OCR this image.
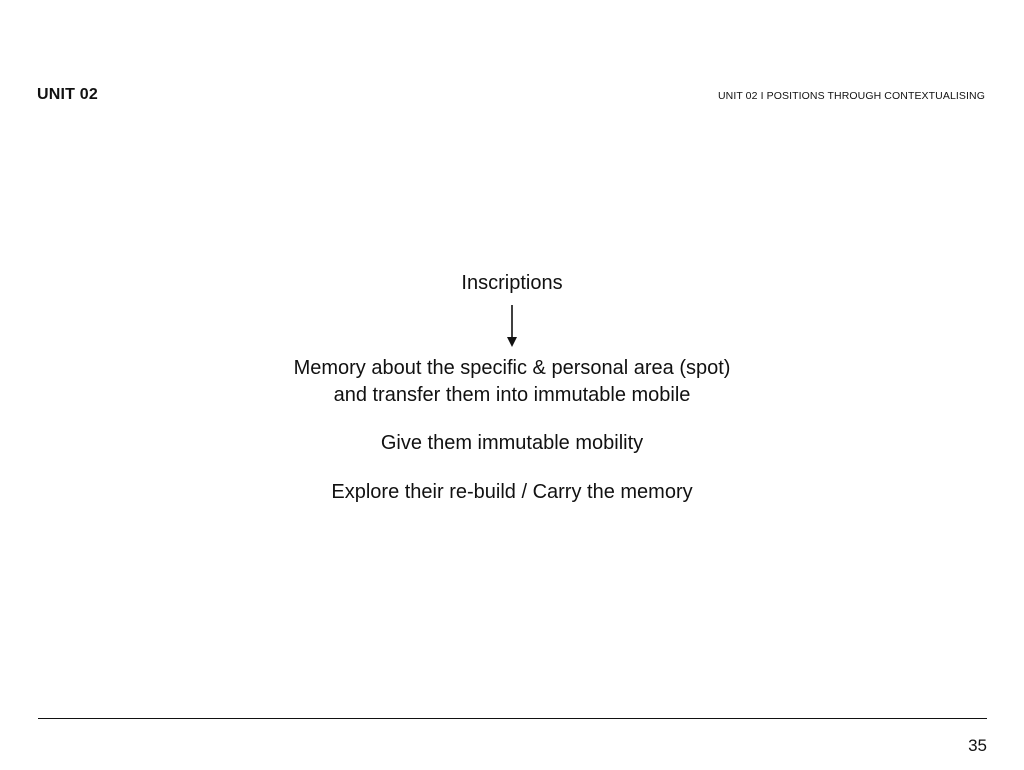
UNIT 02	UNIT 02 I POSITIONS THROUGH CONTEXTUALISING
Inscriptions
Memory about the specific & personal area (spot)
and transfer them into immutable mobile
Give them immutable mobility
Explore their re-build / Carry the memory
35
